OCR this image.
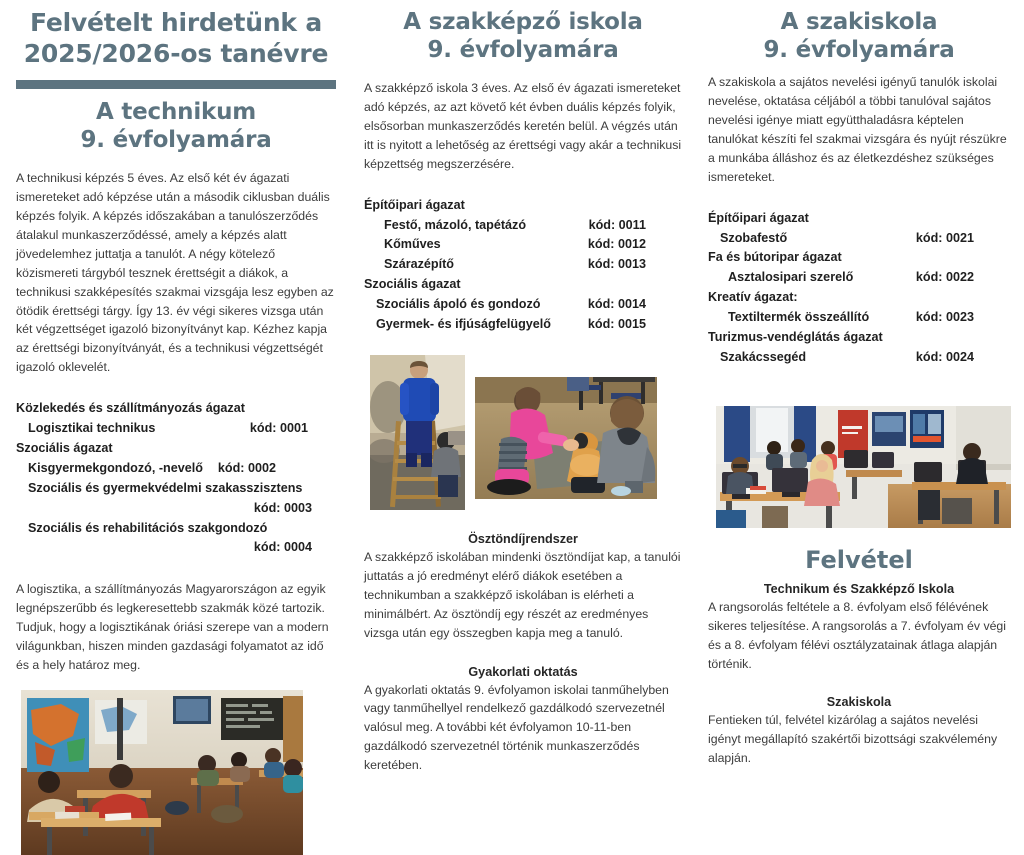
Felvételt hirdetünk a
2025/2026-os tanévre
A technikum
9. évfolyamára

A technikusi képzés 5 éves. Az első két év ágazati ismereteket adó képzése után a második ciklusban duális képzés folyik. A képzés időszakában a tanulószerződés átalakul munkaszerződéssé, amely a képzés alatt jövedelemhez juttatja a tanulót. A négy kötelező közismereti tárgyból tesznek érettségit a diákok, a technikusi szakképesítés szakmai vizsgája lesz egyben az ötödik érettségi tárgy. Így 13. év végi sikeres vizsga után két végzettséget igazoló bizonyítványt kap. Kézhez kapja az érettségi bizonyítványát, és a technikusi végzettségét igazoló oklevelét.

Közlekedés és szállítmányozás ágazat
Logisztikai technikus	kód: 0001
Szociális ágazat
Kisgyermekgondozó, -nevelő kód: 0002
Szociális és gyermekvédelmi szakasszisztens
kód: 0003
Szociális és rehabilitációs szakgondozó
kód: 0004

A logisztika, a szállítmányozás Magyarországon az egyik legnépszerűbb és legkeresettebb szakmák közé tartozik. Tudjuk, hogy a logisztikának óriási szerepe van a modern világunkban, hiszen minden gazdasági folyamatot az idő és a hely határoz meg.

A szakképző iskola
9. évfolyamára

A szakképző iskola 3 éves. Az első év ágazati ismereteket adó képzés, az azt követő két évben duális képzés folyik, elsősorban munkaszerződés keretén belül. A végzés után itt is nyitott a lehetőség az érettségi vagy akár a technikusi képzettség megszerzésére.

Építőipari ágazat
Festő, mázoló, tapétázó	kód: 0011
Kőműves	kód: 0012
Szárazépítő	kód: 0013
Szociális ágazat
Szociális ápoló és gondozó	kód: 0014
Gyermek- és ifjúságfelügyelő	kód: 0015
Ösztöndíjrendszer

A szakképző iskolában mindenki ösztöndíjat kap, a tanulói juttatás a jó eredményt elérő diákok esetében a technikumban a szakképző iskolában is elérheti a minimálbért. Az ösztöndíj egy részét az eredményes vizsga után egy összegben kapja meg a tanuló.

Gyakorlati oktatás

A gyakorlati oktatás 9. évfolyamon iskolai tanműhelyben vagy tanműhellyel rendelkező gazdálkodó szervezetnél valósul meg. A további két évfolyamon 10-11-ben gazdálkodó szervezetnél történik munkaszerződés keretében.

A szakiskola
9. évfolyamára

A szakiskola a sajátos nevelési igényű tanulók iskolai nevelése, oktatása céljából a többi tanulóval sajátos nevelési igénye miatt együtthaladásra képtelen tanulókat készíti fel szakmai vizsgára és nyújt részükre a munkába álláshoz és az életkezdéshez szükséges ismereteket.

Építőipari ágazat
Szobafestő	kód: 0021
Fa és bútoripar ágazat
Asztalosipari szerelő	kód: 0022
Kreatív ágazat:
Textiltermék összeállító	kód: 0023
Turizmus-vendéglátás ágazat
Szakácssegéd	kód: 0024
Felvétel
Technikum és Szakképző Iskola

A rangsorolás feltétele a 8. évfolyam első félévének sikeres teljesítése. A rangsorolás a 7. évfolyam év végi és a 8. évfolyam félévi osztályzatainak átlaga alapján történik.

Szakiskola

Fentieken túl, felvétel kizárólag a sajátos nevelési igényt megállapító szakértői bizottsági szakvélemény alapján.
